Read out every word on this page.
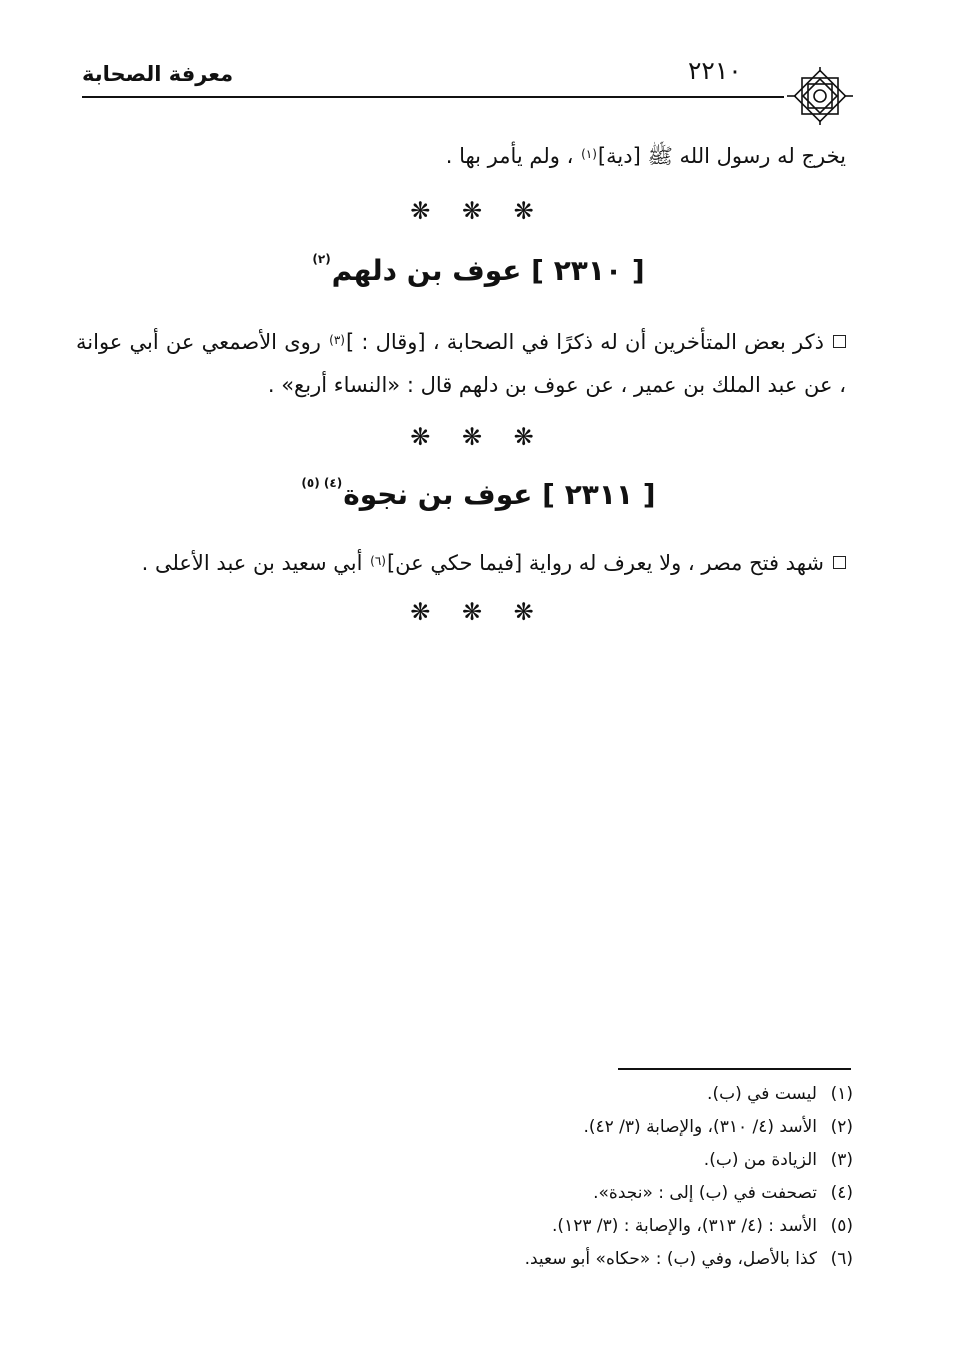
٢٢١٠
معرفة الصحابة
يخرج له رسول الله ﷺ [دية]$^{(١)}$ ، ولم يأمر بها .
❋ ❋ ❋
[ ٢٣١٠ ] عوف بن دلهم$^{(٢)}$
ذكر بعض المتأخرين أن له ذكرًا في الصحابة ، [وقال : ]$^{(٣)}$ روى الأصمعي عن أبي عوانة ، عن عبد الملك بن عمير ، عن عوف بن دلهم قال : «النساء أربع» .
❋ ❋ ❋
[ ٢٣١١ ] عوف بن نجوة$^{(٤) (٥)}$
شهد فتح مصر ، ولا يعرف له رواية [فيما حكي عن]$^{(٦)}$ أبي سعيد بن عبد الأعلى .
❋ ❋ ❋
(١)ليست في (ب).
(٢)الأسد (٤/ ٣١٠)، والإصابة (٣/ ٤٢).
(٣)الزيادة من (ب).
(٤)تصحفت في (ب) إلى : «نجدة».
(٥)الأسد : (٤/ ٣١٣)، والإصابة : (٣/ ١٢٣).
(٦)كذا بالأصل، وفي (ب) : «حكاه» أبو سعيد.
